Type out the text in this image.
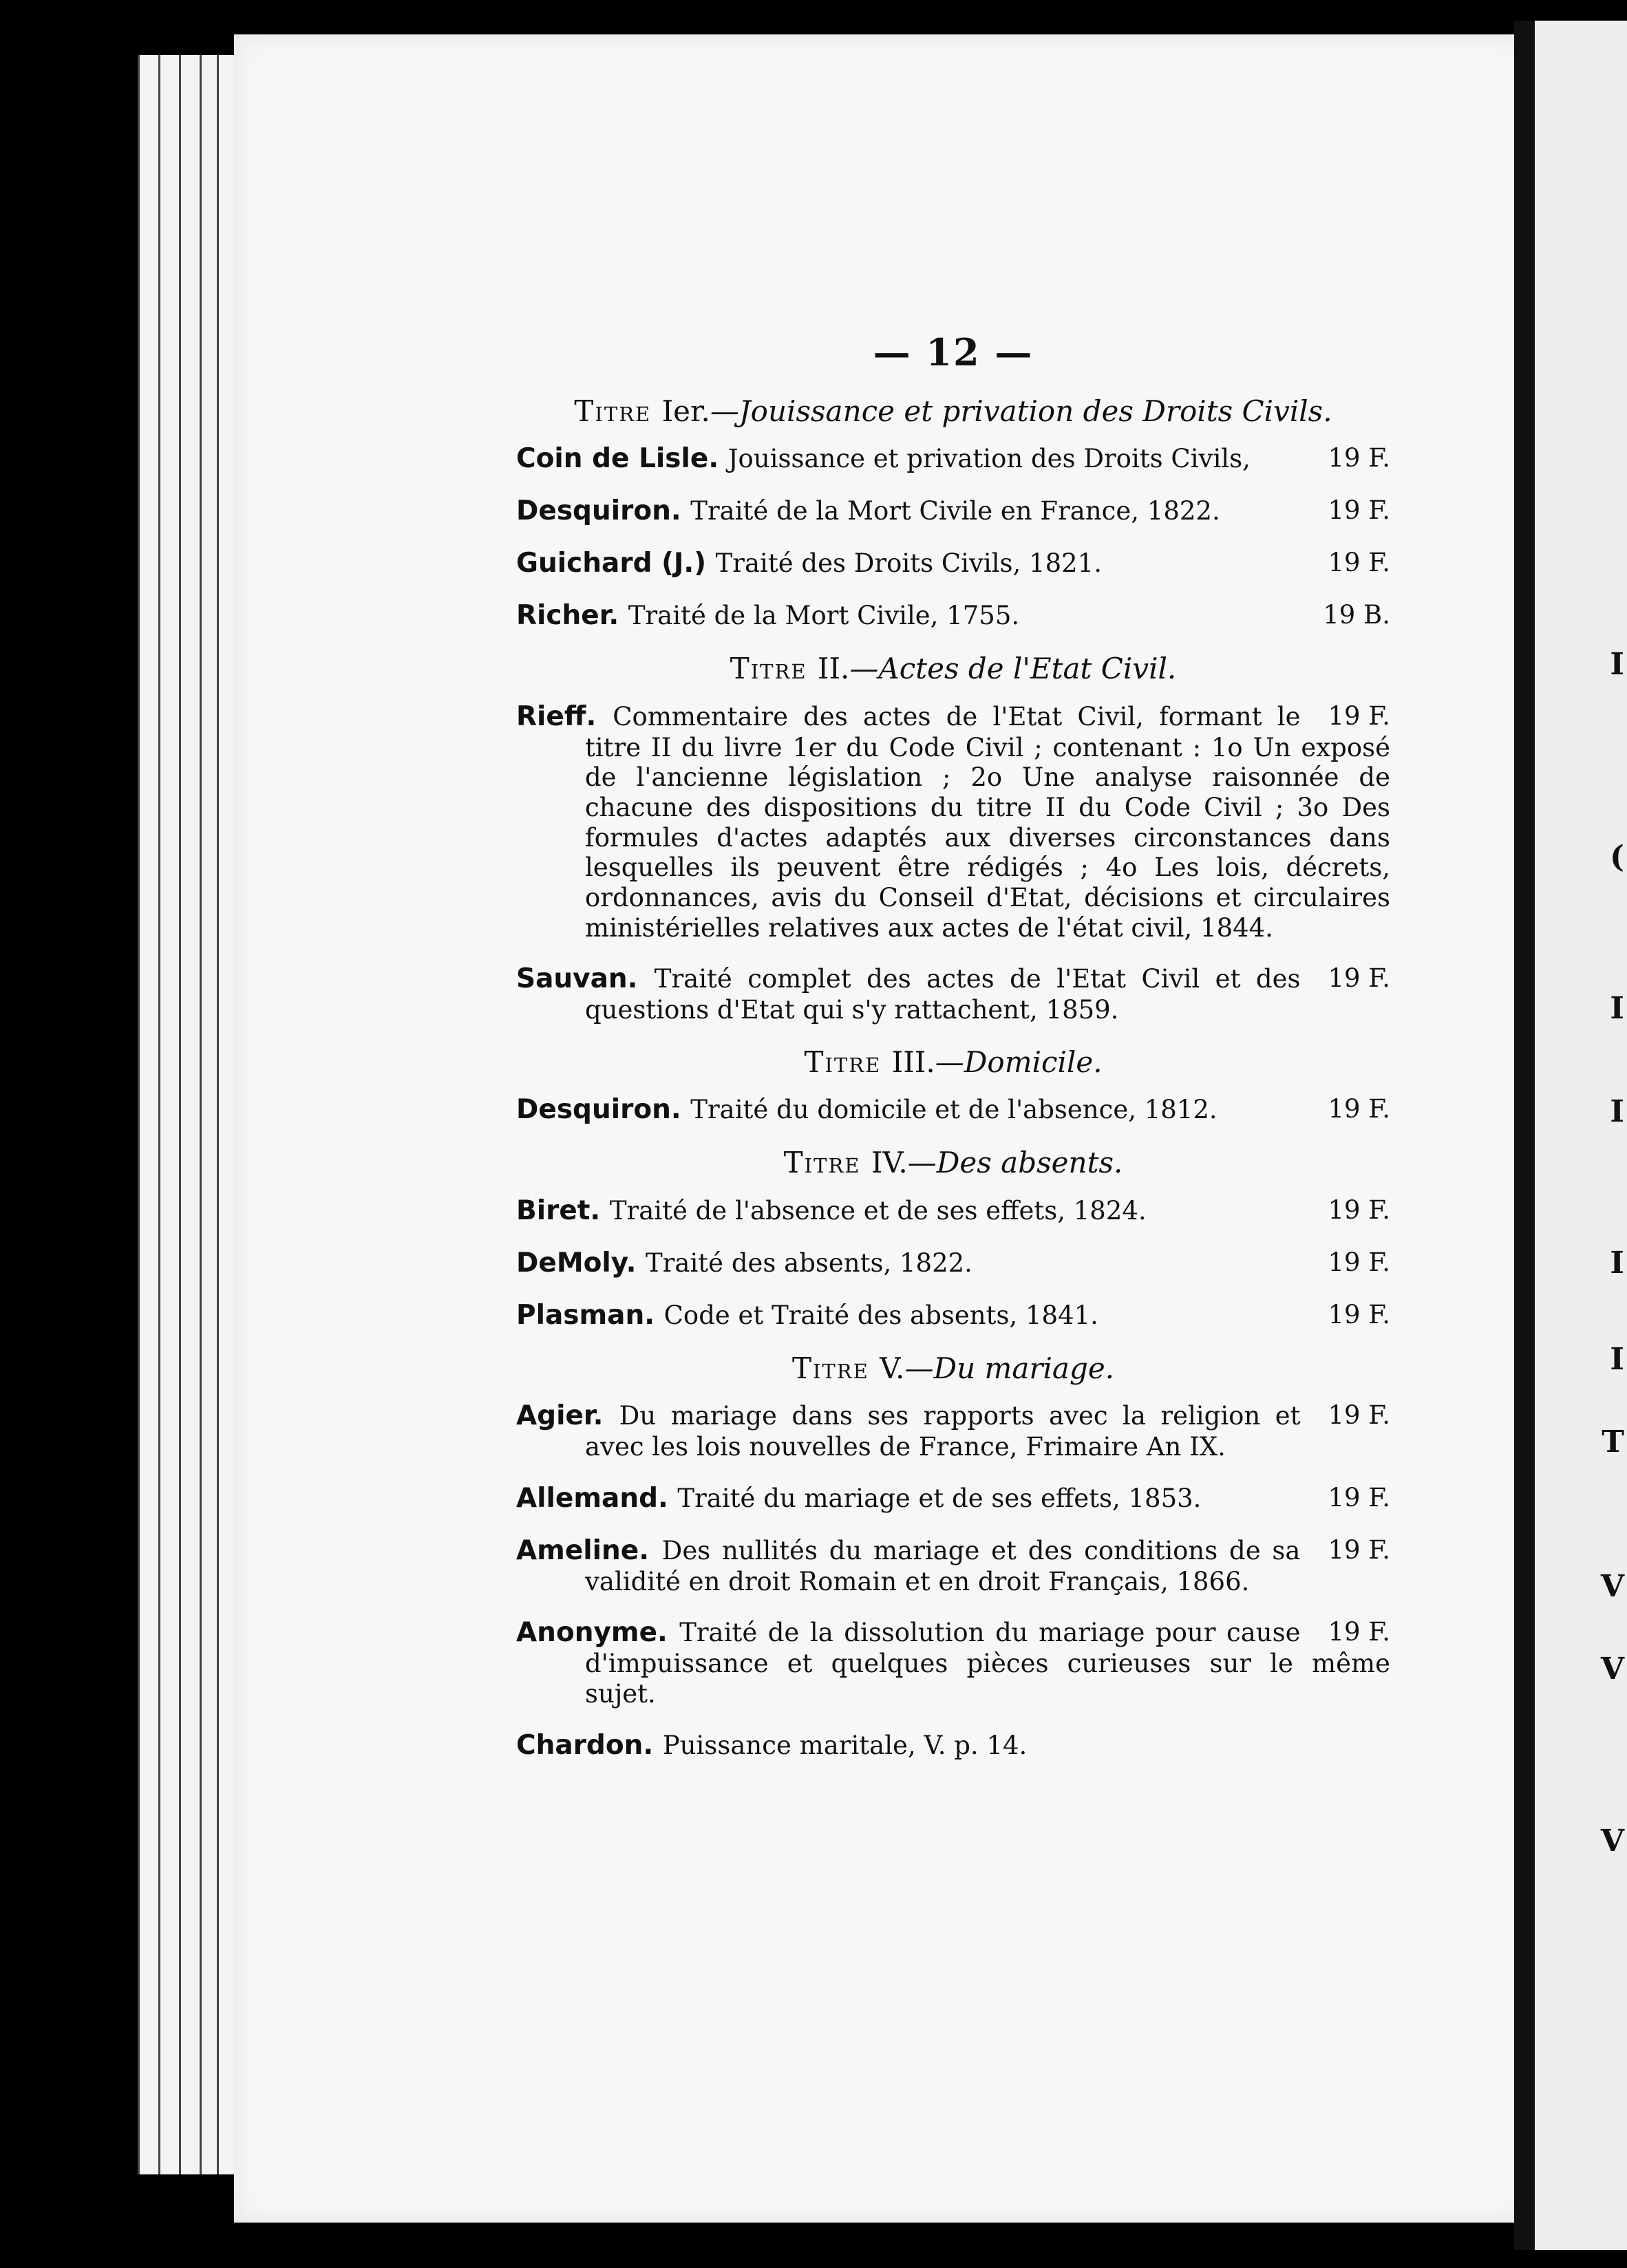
I
(
I
I
I
I
T
V
V
V
— 12 —
Titre Ier.—Jouissance et privation des Droits Civils.
19 F.
Coin de Lisle. Jouissance et privation des Droits Civils,
19 F.
Desquiron. Traité de la Mort Civile en France, 1822.
19 F.
Guichard (J.) Traité des Droits Civils, 1821.
19 B.
Richer. Traité de la Mort Civile, 1755.
Titre II.—Actes de l'Etat Civil.
19 F.
Rieff. Commentaire des actes de l'Etat Civil, formant le titre II du livre 1er du Code Civil ; contenant : 1o Un exposé de l'ancienne législation ; 2o Une analyse raisonnée de chacune des dispositions du titre II du Code Civil ; 3o Des formules d'actes adaptés aux diverses circonstances dans lesquelles ils peuvent être rédigés ; 4o Les lois, décrets, ordonnances, avis du Conseil d'Etat, décisions et circulaires ministérielles relatives aux actes de l'état civil, 1844.
19 F.
Sauvan. Traité complet des actes de l'Etat Civil et des questions d'Etat qui s'y rattachent, 1859.
Titre III.—Domicile.
19 F.
Desquiron. Traité du domicile et de l'absence, 1812.
Titre IV.—Des absents.
19 F.
Biret. Traité de l'absence et de ses effets, 1824.
19 F.
DeMoly. Traité des absents, 1822.
19 F.
Plasman. Code et Traité des absents, 1841.
Titre V.—Du mariage.
19 F.
Agier. Du mariage dans ses rapports avec la religion et avec les lois nouvelles de France, Frimaire An IX.
19 F.
Allemand. Traité du mariage et de ses effets, 1853.
19 F.
Ameline. Des nullités du mariage et des conditions de sa validité en droit Romain et en droit Français, 1866.
19 F.
Anonyme. Traité de la dissolution du mariage pour cause d'impuissance et quelques pièces curieuses sur le même sujet.
Chardon. Puissance maritale, V. p. 14.
